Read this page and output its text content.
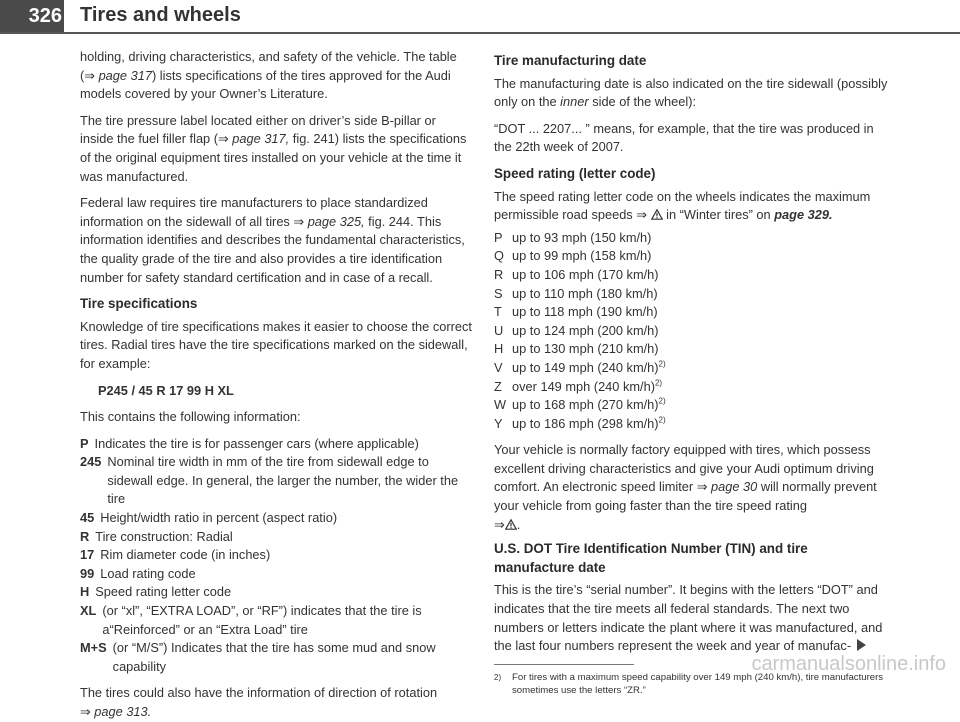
326 Tires and wheels

holding, driving characteristics, and safety of the vehicle. The table (⇒ page 317) lists specifications of the tires approved for the Audi models covered by your Owner’s Literature.

The tire pressure label located either on driver’s side B-pillar or inside the fuel filler flap (⇒ page 317, fig. 241) lists the specifications of the original equipment tires installed on your vehicle at the time it was manufactured.

Federal law requires tire manufacturers to place standardized information on the sidewall of all tires ⇒ page 325, fig. 244. This information identifies and describes the fundamental characteristics, the quality grade of the tire and also provides a tire identification number for safety standard certification and in case of a recall.

Tire specifications

Knowledge of tire specifications makes it easier to choose the correct tires. Radial tires have the tire specifications marked on the sidewall, for example:

P245 / 45 R 17 99 H XL

This contains the following information:

P Indicates the tire is for passenger cars (where applicable)
245 Nominal tire width in mm of the tire from sidewall edge to sidewall edge. In general, the larger the number, the wider the tire
45 Height/width ratio in percent (aspect ratio)
R Tire construction: Radial
17 Rim diameter code (in inches)
99 Load rating code
H Speed rating letter code
XL (or “xl”, “EXTRA LOAD”, or “RF”) indicates that the tire is a“Reinforced” or an “Extra Load” tire
M+S (or “M/S”) Indicates that the tire has some mud and snow capability

The tires could also have the information of direction of rotation
⇒ page 313.

Tire manufacturing date

The manufacturing date is also indicated on the tire sidewall (possibly only on the inner side of the wheel):

“DOT ... 2207... ” means, for example, that the tire was produced in the 22th week of 2007.

Speed rating (letter code)

The speed rating letter code on the wheels indicates the maximum permissible road speeds ⇒  in “Winter tires” on page 329.

P up to 93 mph (150 km/h)
Q up to 99 mph (158 km/h)
R up to 106 mph (170 km/h)
S up to 110 mph (180 km/h)
T up to 118 mph (190 km/h)
U up to 124 mph (200 km/h)
H up to 130 mph (210 km/h)
V up to 149 mph (240 km/h)$^{2)}$
Z over 149 mph (240 km/h)$^{2)}$
W up to 168 mph (270 km/h)$^{2)}$
Y up to 186 mph (298 km/h)$^{2)}$

Your vehicle is normally factory equipped with tires, which possess excellent driving characteristics and give your Audi optimum driving comfort. An electronic speed limiter ⇒ page 30 will normally prevent your vehicle from going faster than the tire speed rating
⇒ .

U.S. DOT Tire Identification Number (TIN) and tire manufacture date

This is the tire’s “serial number”. It begins with the letters “DOT” and indicates that the tire meets all federal standards. The next two numbers or letters indicate the plant where it was manufactured, and the last four numbers represent the week and year of manufac-

2)	For tires with a maximum speed capability over 149 mph (240 km/h), tire manufacturers sometimes use the letters “ZR.”
carmanualsonline.info
